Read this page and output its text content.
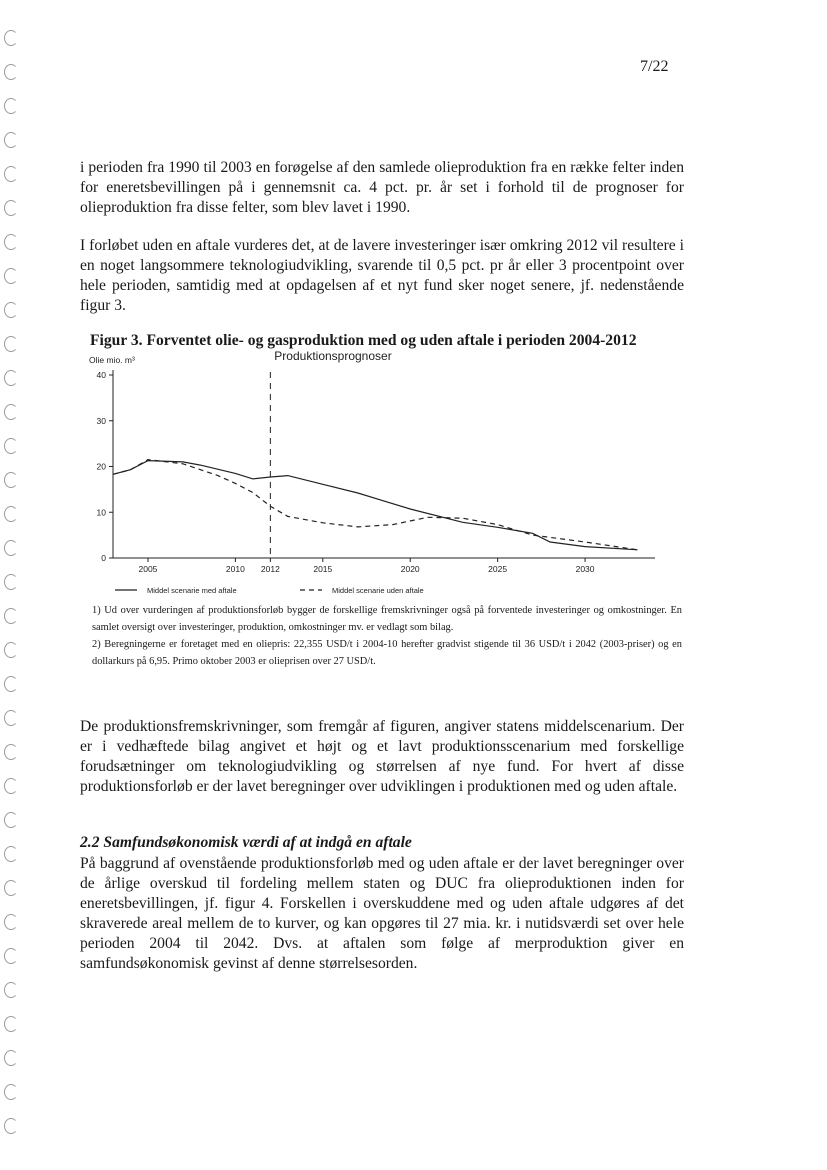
7/22

i perioden fra 1990 til 2003 en forøgelse af den samlede olieproduktion fra en række felter inden for eneretsbevillingen på i gennemsnit ca. 4 pct. pr. år set i forhold til de prognoser for olieproduktion fra disse felter, som blev lavet i 1990.

I forløbet uden en aftale vurderes det, at de lavere investeringer især omkring 2012 vil resultere i en noget langsommere teknologiudvikling, svarende til 0,5 pct. pr år eller 3 procentpoint over hele perioden, samtidig med at opdagelsen af et nyt fund sker noget senere, jf. nedenstående figur 3.

Figur 3. Forventet olie- og gasproduktion med og uden aftale i perioden 2004-2012
Produktionsprognoser
Olie mio. m³
0
10
20
30
40
2005	2010 2012	2015	2020	2025	2030
Middel scenarie med aftale	Middel scenarie uden aftale

1) Ud over vurderingen af produktionsforløb bygger de forskellige fremskrivninger også på forventede investeringer og omkostninger. En samlet oversigt over investeringer, produktion, omkostninger mv. er vedlagt som bilag.

2) Beregningerne er foretaget med en oliepris: 22,355 USD/t i 2004-10 herefter gradvist stigende til 36 USD/t i 2042 (2003-priser) og en dollarkurs på 6,95. Primo oktober 2003 er olieprisen over 27 USD/t.

De produktionsfremskrivninger, som fremgår af figuren, angiver statens middelscenarium. Der er i vedhæftede bilag angivet et højt og et lavt produktionsscenarium med forskellige forudsætninger om teknologiudvikling og størrelsen af nye fund. For hvert af disse produktionsforløb er der lavet beregninger over udviklingen i produktionen med og uden aftale.

2.2 Samfundsøkonomisk værdi af at indgå en aftale

På baggrund af ovenstående produktionsforløb med og uden aftale er der lavet beregninger over de årlige overskud til fordeling mellem staten og DUC fra olieproduktionen inden for eneretsbevillingen, jf. figur 4. Forskellen i overskuddene med og uden aftale udgøres af det skraverede areal mellem de to kurver, og kan opgøres til 27 mia. kr. i nutidsværdi set over hele perioden 2004 til 2042. Dvs. at aftalen som følge af merproduktion giver en samfundsøkonomisk gevinst af denne størrelsesorden.
